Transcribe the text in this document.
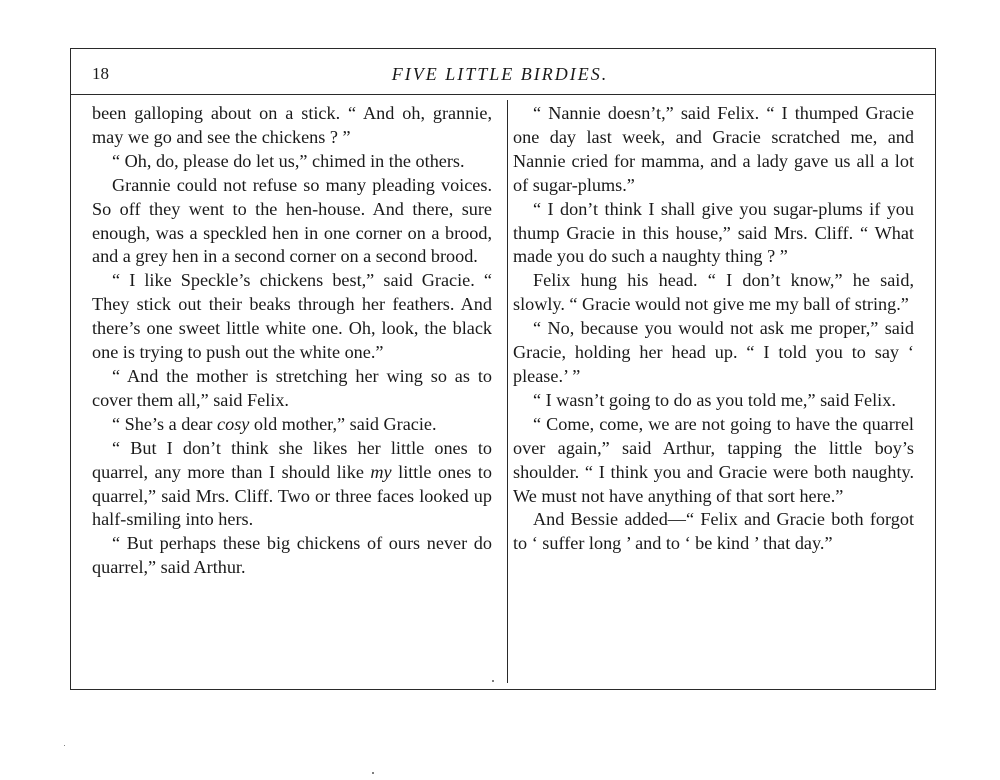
18	FIVE LITTLE BIRDIES.

been galloping about on a stick. “ And oh, grannie, may we go and see the chickens ? ”

“ Oh, do, please do let us,” chimed in the others.

Grannie could not refuse so many pleading voices. So off they went to the hen-house. And there, sure enough, was a speckled hen in one corner on a brood, and a grey hen in a second corner on a second brood.

“ I like Speckle’s chickens best,” said Gracie. “ They stick out their beaks through her feathers. And there’s one sweet little white one. Oh, look, the black one is trying to push out the white one.”

“ And the mother is stretching her wing so as to cover them all,” said Felix.

“ She’s a dear cosy old mother,” said Gracie.

“ But I don’t think she likes her little ones to quarrel, any more than I should like my little ones to quarrel,” said Mrs. Cliff. Two or three faces looked up half-smiling into hers.

“ But perhaps these big chickens of ours never do quarrel,” said Arthur.

“ Nannie doesn’t,” said Felix. “ I thumped Gracie one day last week, and Gracie scratched me, and Nannie cried for mamma, and a lady gave us all a lot of sugar-plums.”

“ I don’t think I shall give you sugar-plums if you thump Gracie in this house,” said Mrs. Cliff. “ What made you do such a naughty thing ? ”

Felix hung his head. “ I don’t know,” he said, slowly. “ Gracie would not give me my ball of string.”

“ No, because you would not ask me proper,” said Gracie, holding her head up. “ I told you to say ‘ please.’ ”

“ I wasn’t going to do as you told me,” said Felix.

“ Come, come, we are not going to have the quarrel over again,” said Arthur, tapping the little boy’s shoulder. “ I think you and Gracie were both naughty. We must not have anything of that sort here.”

And Bessie added—“ Felix and Gracie both forgot to ‘ suffer long ’ and to ‘ be kind ’ that day.”
